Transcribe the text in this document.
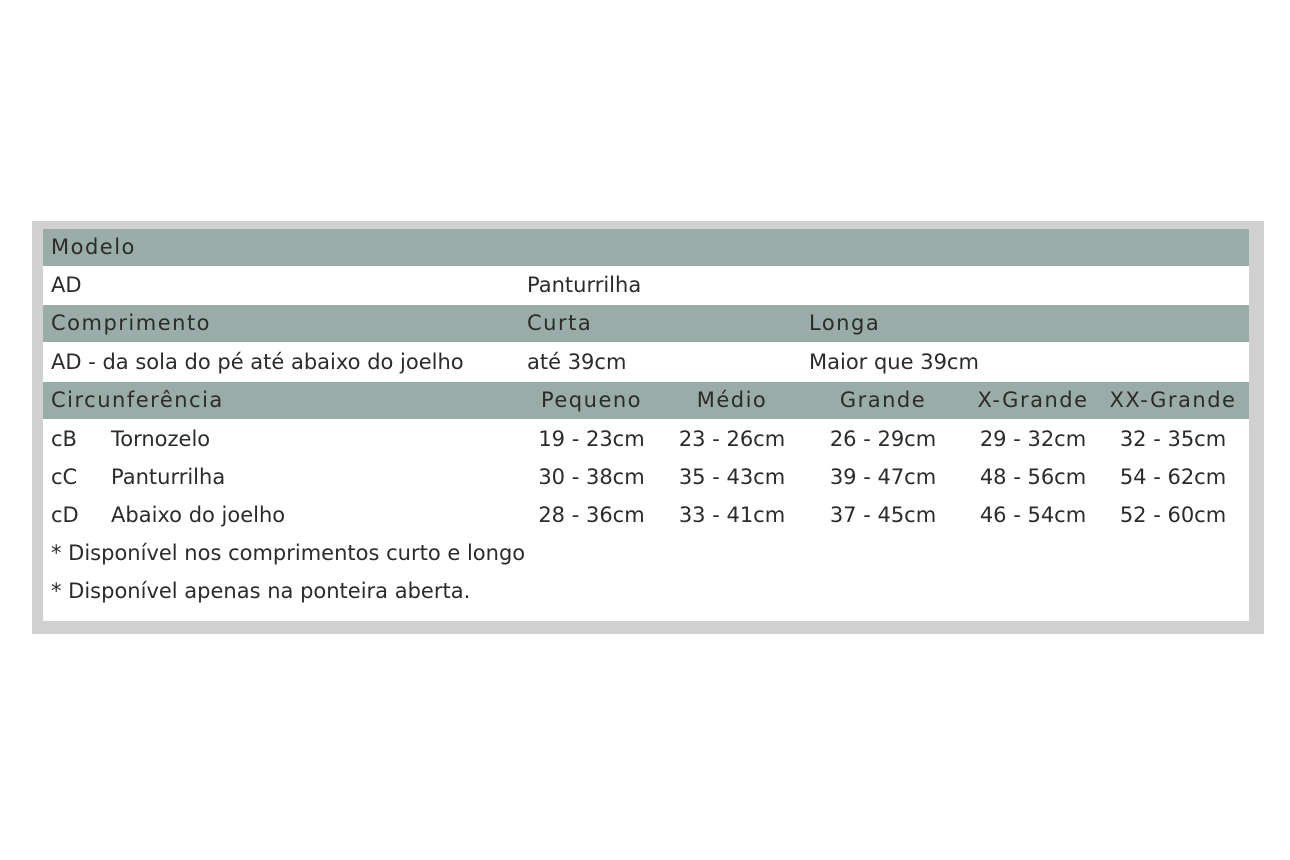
Modelo
AD	Panturrilha
Comprimento	Curta	Longa
AD - da sola do pé até abaixo do joelho	até 39cm	Maior que 39cm
Circunferência	Pequeno	Médio	Grande	X-Grande	XX-Grande
cB Tornozelo	19 - 23cm	23 - 26cm	26 - 29cm	29 - 32cm	32 - 35cm
cC Panturrilha	30 - 38cm	35 - 43cm	39 - 47cm	48 - 56cm	54 - 62cm
cD Abaixo do joelho	28 - 36cm	33 - 41cm	37 - 45cm	46 - 54cm	52 - 60cm
* Disponível nos comprimentos curto e longo
* Disponível apenas na ponteira aberta.
